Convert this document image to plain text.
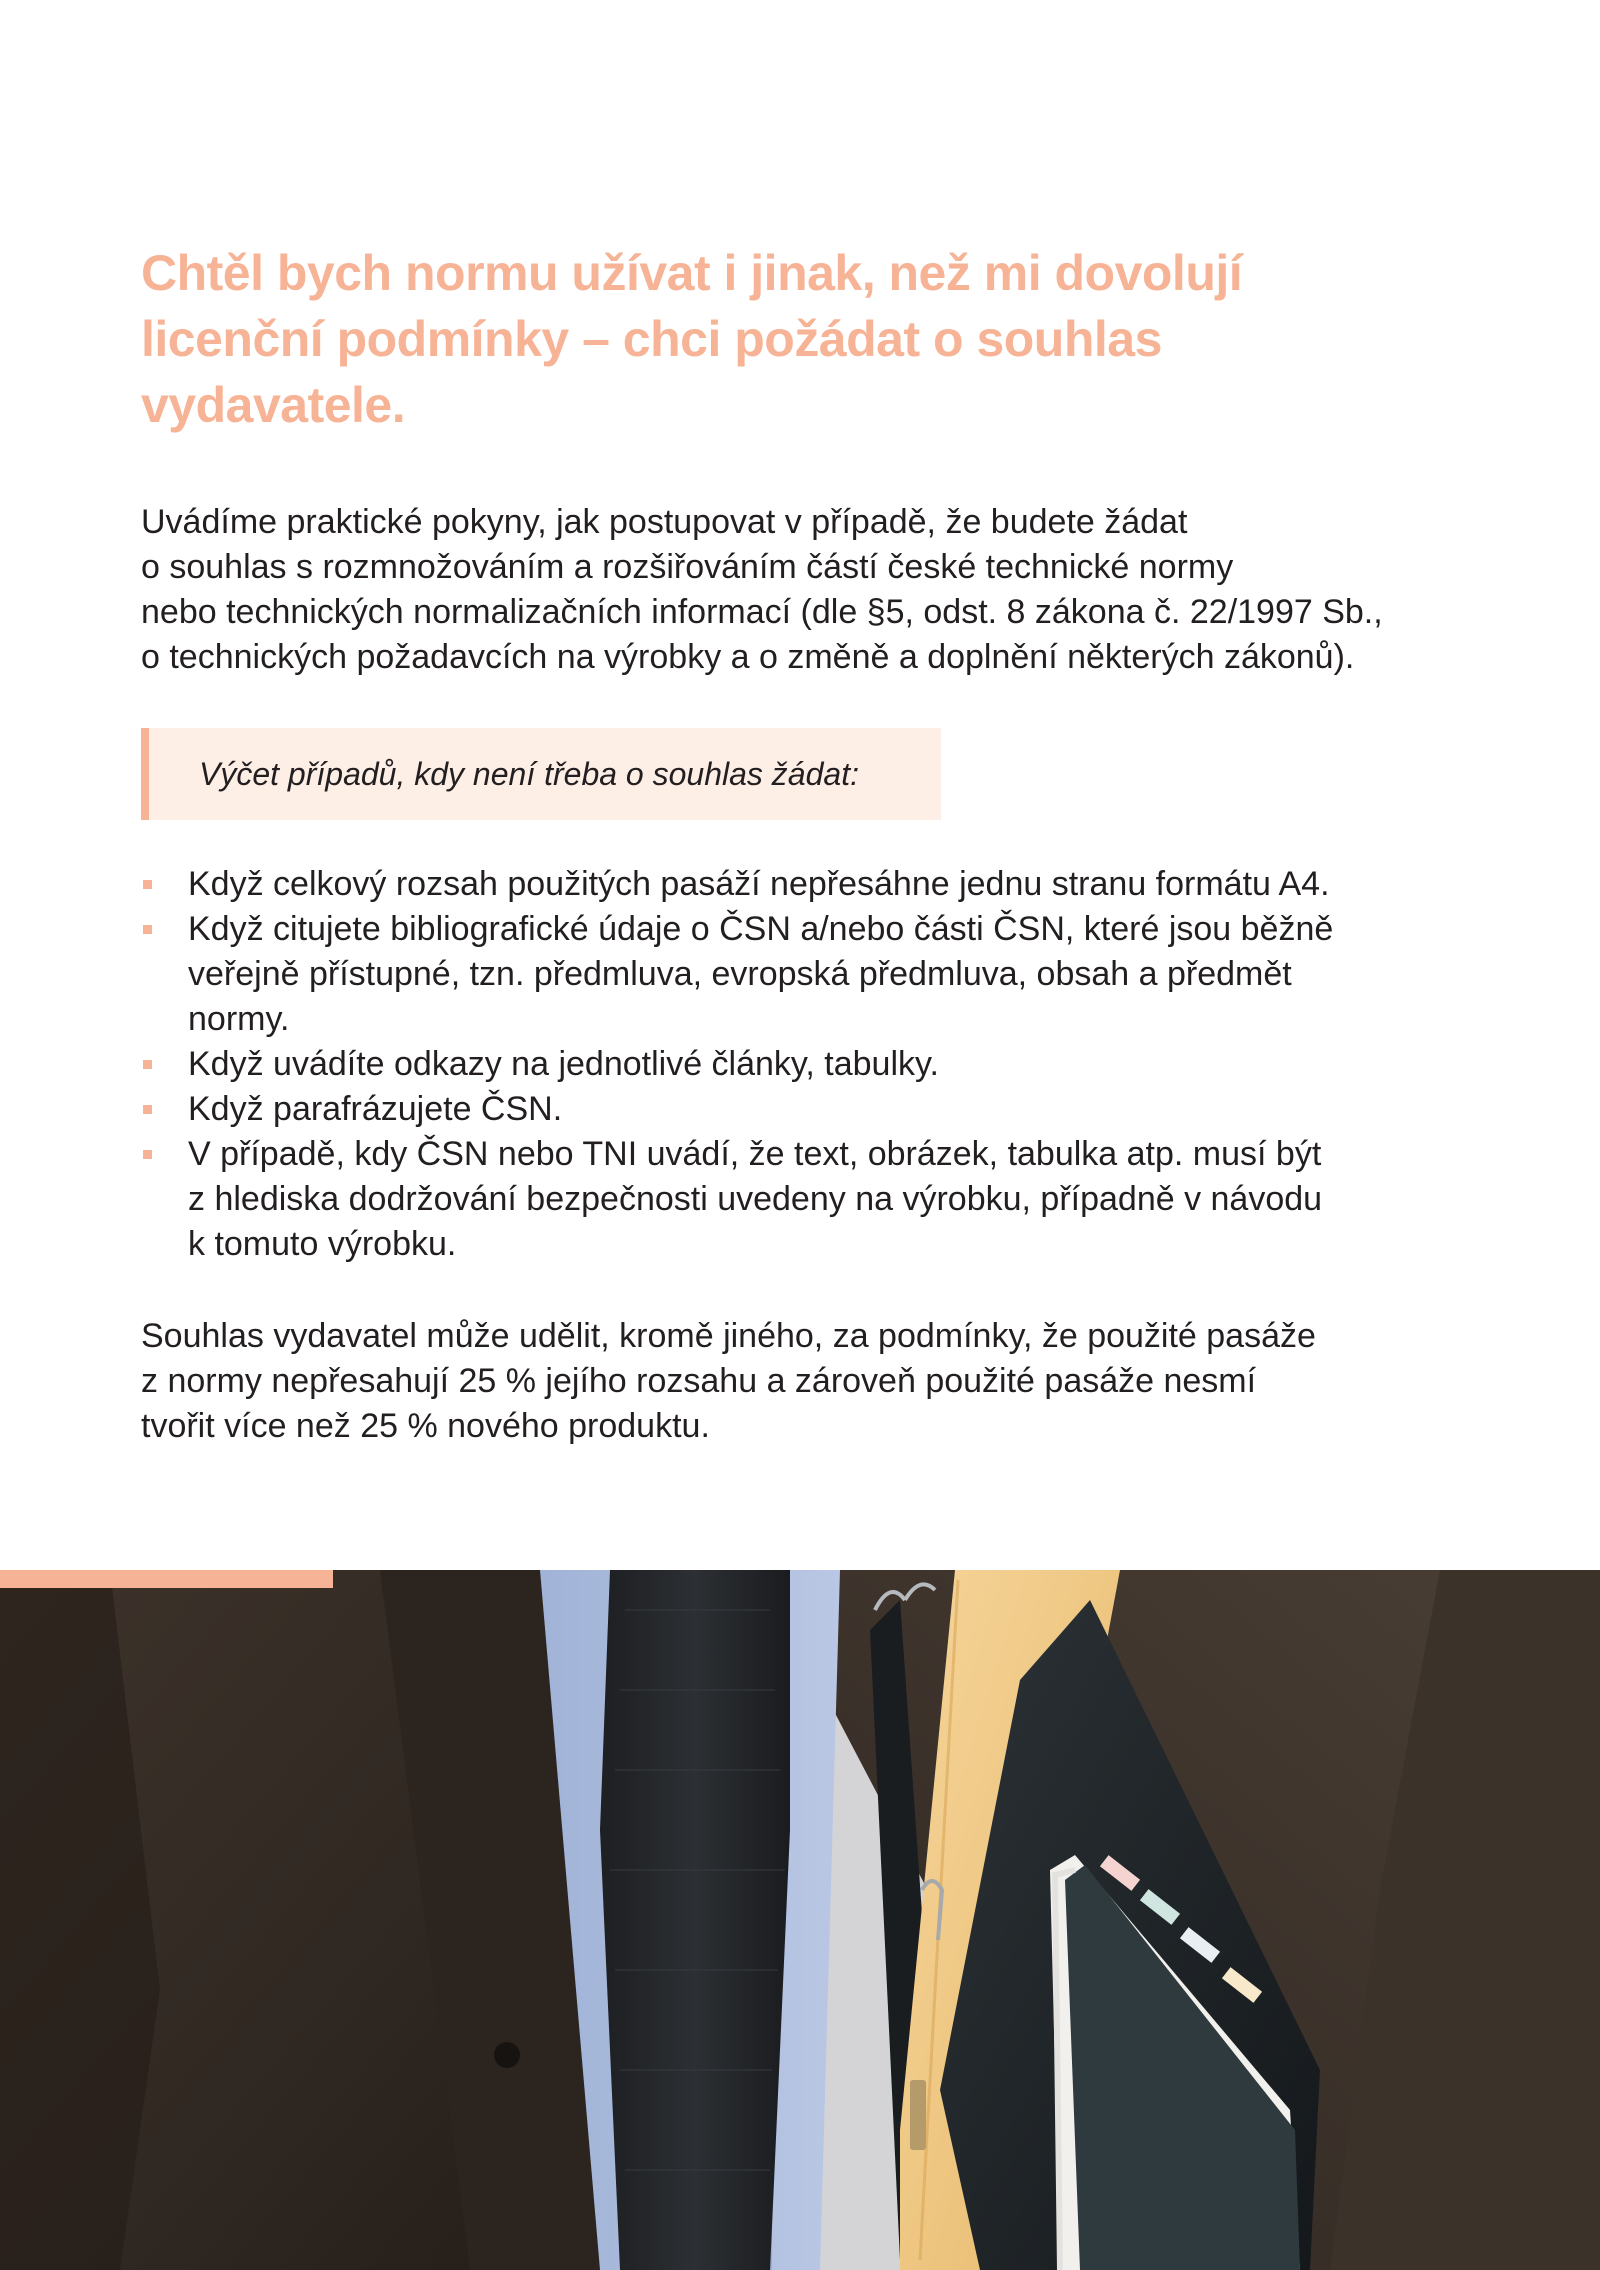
Chtěl bych normu užívat i jinak, než mi dovolují
licenční podmínky – chci požádat o souhlas
vydavatele.

Uvádíme praktické pokyny, jak postupovat v případě, že budete žádat
o souhlas s rozmnožováním a rozšiřováním částí české technické normy
nebo technických normalizačních informací (dle §5, odst. 8 zákona č. 22/1997 Sb.,
o technických požadavcích na výrobky a o změně a doplnění některých zákonů).

Výčet případů, kdy není třeba o souhlas žádat:
Když celkový rozsah použitých pasáží nepřesáhne jednu stranu formátu A4.
Když citujete bibliografické údaje o ČSN a/nebo části ČSN, které jsou běžně
veřejně přístupné, tzn. předmluva, evropská předmluva, obsah a předmět
normy.
Když uvádíte odkazy na jednotlivé články, tabulky.
Když parafrázujete ČSN.
V případě, kdy ČSN nebo TNI uvádí, že text, obrázek, tabulka atp. musí být
z hlediska dodržování bezpečnosti uvedeny na výrobku, případně v návodu
k tomuto výrobku.

Souhlas vydavatel může udělit, kromě jiného, za podmínky, že použité pasáže
z normy nepřesahují 25 % jejího rozsahu a zároveň použité pasáže nesmí
tvořit více než 25 % nového produktu.
